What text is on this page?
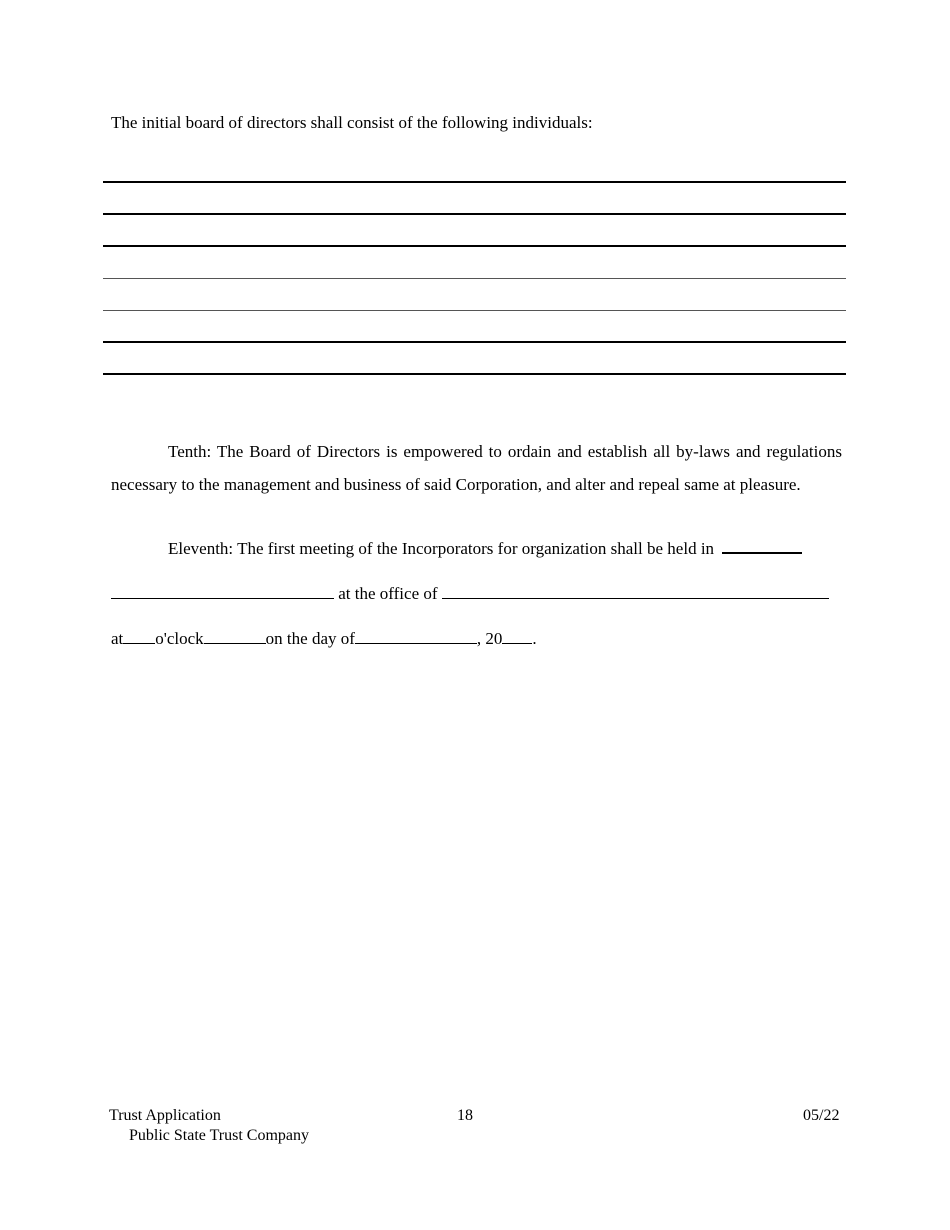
The initial board of directors shall consist of the following individuals:
Tenth: The Board of Directors is empowered to ordain and establish all by-laws and regulations necessary to the management and business of said Corporation, and alter and repeal same at pleasure.
Eleventh: The first meeting of the Incorporators for organization shall be held in
at the office of
at o'clock	on the day of	, 20 .
Trust Application
Public State Trust Company
18	05/22
